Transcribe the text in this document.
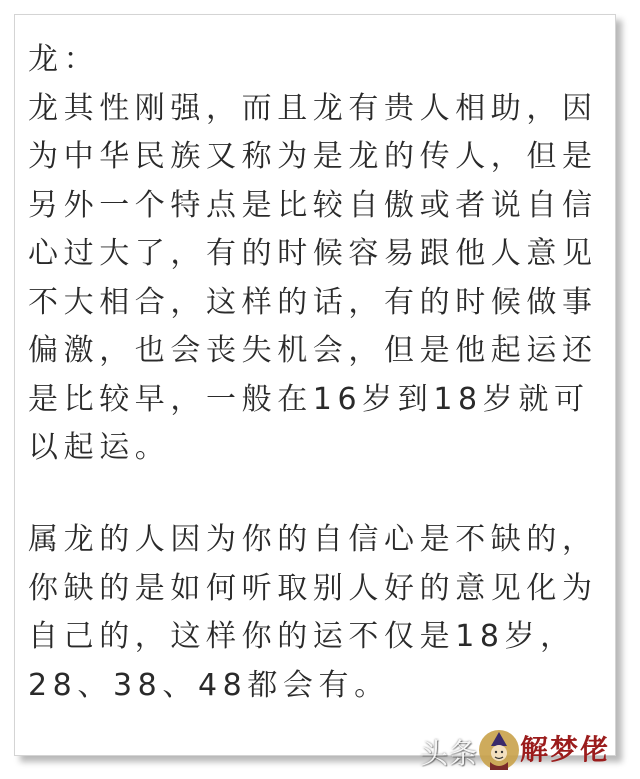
龙：
龙其性刚强，而且龙有贵人相助，因
为中华民族又称为是龙的传人，但是
另外一个特点是比较自傲或者说自信
心过大了，有的时候容易跟他人意见
不大相合，这样的话，有的时候做事
偏激，也会丧失机会，但是他起运还
是比较早，一般在16岁到18岁就可
以起运。
属龙的人因为你的自信心是不缺的，
你缺的是如何听取别人好的意见化为
自己的，这样你的运不仅是18岁，
28、38、48都会有。
头条 解梦佬
